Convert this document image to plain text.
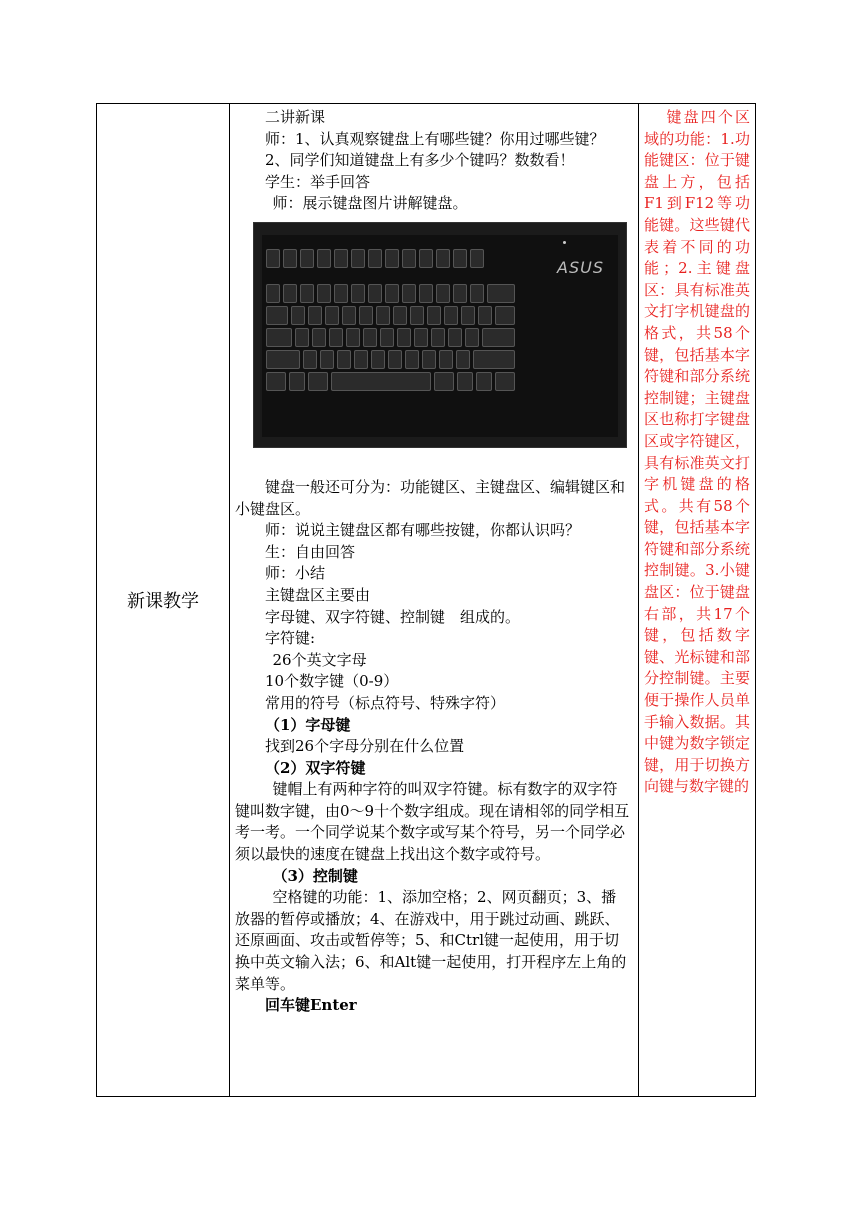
新课教学

二讲新课

师：1、认真观察键盘上有哪些键？你用过哪些键？

2、同学们知道键盘上有多少个键吗？数数看！

学生：举手回答

师：展示键盘图片讲解键盘。

ASUS

键盘一般还可分为：功能键区、主键盘区、编辑键区和小键盘区。

师：说说主键盘区都有哪些按键，你都认识吗？

生：自由回答

师：小结

主键盘区主要由

字母键、双字符键、控制键　组成的。

字符键:

26个英文字母

10个数字键（0-9）

常用的符号（标点符号、特殊字符）

（1）字母键

找到26个字母分别在什么位置

（2）双字符键

键帽上有两种字符的叫双字符键。标有数字的双字符键叫数字键，由0～9十个数字组成。现在请相邻的同学相互考一考。一个同学说某个数字或写某个符号，另一个同学必须以最快的速度在键盘上找出这个数字或符号。

（3）控制键

空格键的功能：1、添加空格；2、网页翻页；3、播放器的暂停或播放；4、在游戏中，用于跳过动画、跳跃、还原画面、攻击或暂停等；5、和Ctrl键一起使用，用于切换中英文输入法；6、和Alt键一起使用，打开程序左上角的菜单等。

回车键Enter

键盘四个区域的功能：1.功能键区：位于键盘上方，包括F1到F12等功能键。这些键代表着不同的功能；2.主键盘区：具有标准英文打字机键盘的格式，共58个键，包括基本字符键和部分系统控制键；主键盘区也称打字键盘区或字符键区，具有标准英文打字机键盘的格式。共有58个键，包括基本字符键和部分系统控制键。3.小键盘区：位于键盘右部，共17个键，包括数字键、光标键和部分控制键。主要便于操作人员单手输入数据。其中键为数字锁定键，用于切换方向键与数字键的
